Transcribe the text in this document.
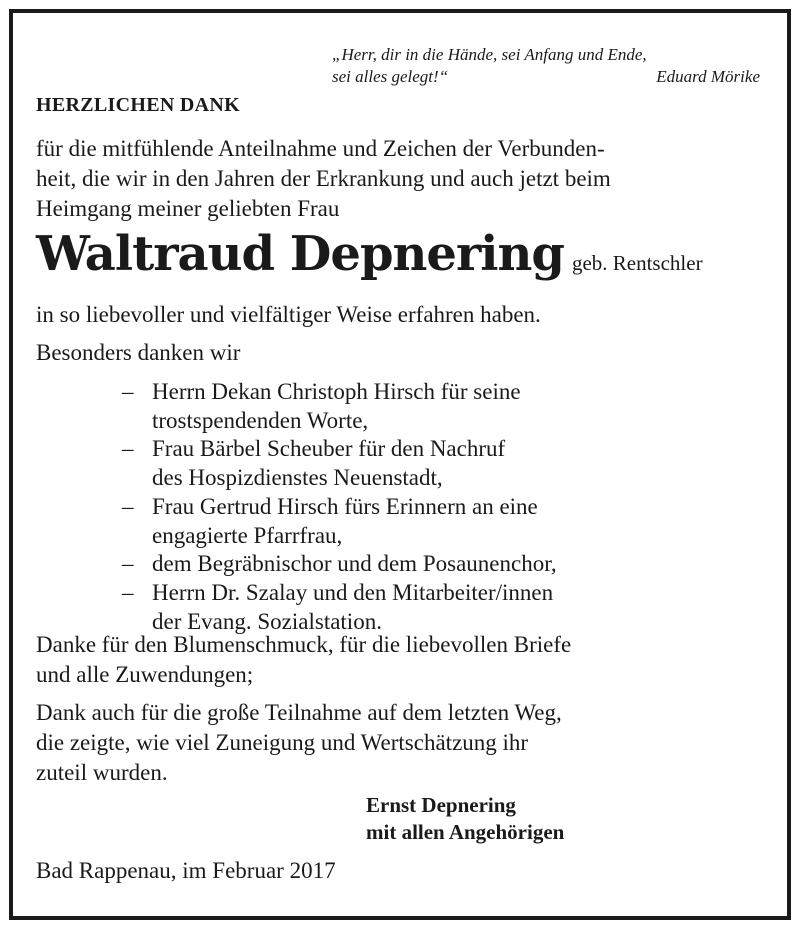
„Herr, dir in die Hände, sei Anfang und Ende,
sei alles gelegt!“	Eduard Mörike
HERZLICHEN DANK
für die mitfühlende Anteilnahme und Zeichen der Verbunden-
heit, die wir in den Jahren der Erkrankung und auch jetzt beim
Heimgang meiner geliebten Frau
Waltraud Depnering geb. Rentschler
in so liebevoller und vielfältiger Weise erfahren haben.
Besonders danken wir
– Herrn Dekan Christoph Hirsch für seine
trostspendenden Worte,
– Frau Bärbel Scheuber für den Nachruf
des Hospizdienstes Neuenstadt,
– Frau Gertrud Hirsch fürs Erinnern an eine
engagierte Pfarrfrau,
– dem Begräbnischor und dem Posaunenchor,
– Herrn Dr. Szalay und den Mitarbeiter/innen
der Evang. Sozialstation.
Danke für den Blumenschmuck, für die liebevollen Briefe
und alle Zuwendungen;
Dank auch für die große Teilnahme auf dem letzten Weg,
die zeigte, wie viel Zuneigung und Wertschätzung ihr
zuteil wurden.
Ernst Depnering
mit allen Angehörigen
Bad Rappenau, im Februar 2017
